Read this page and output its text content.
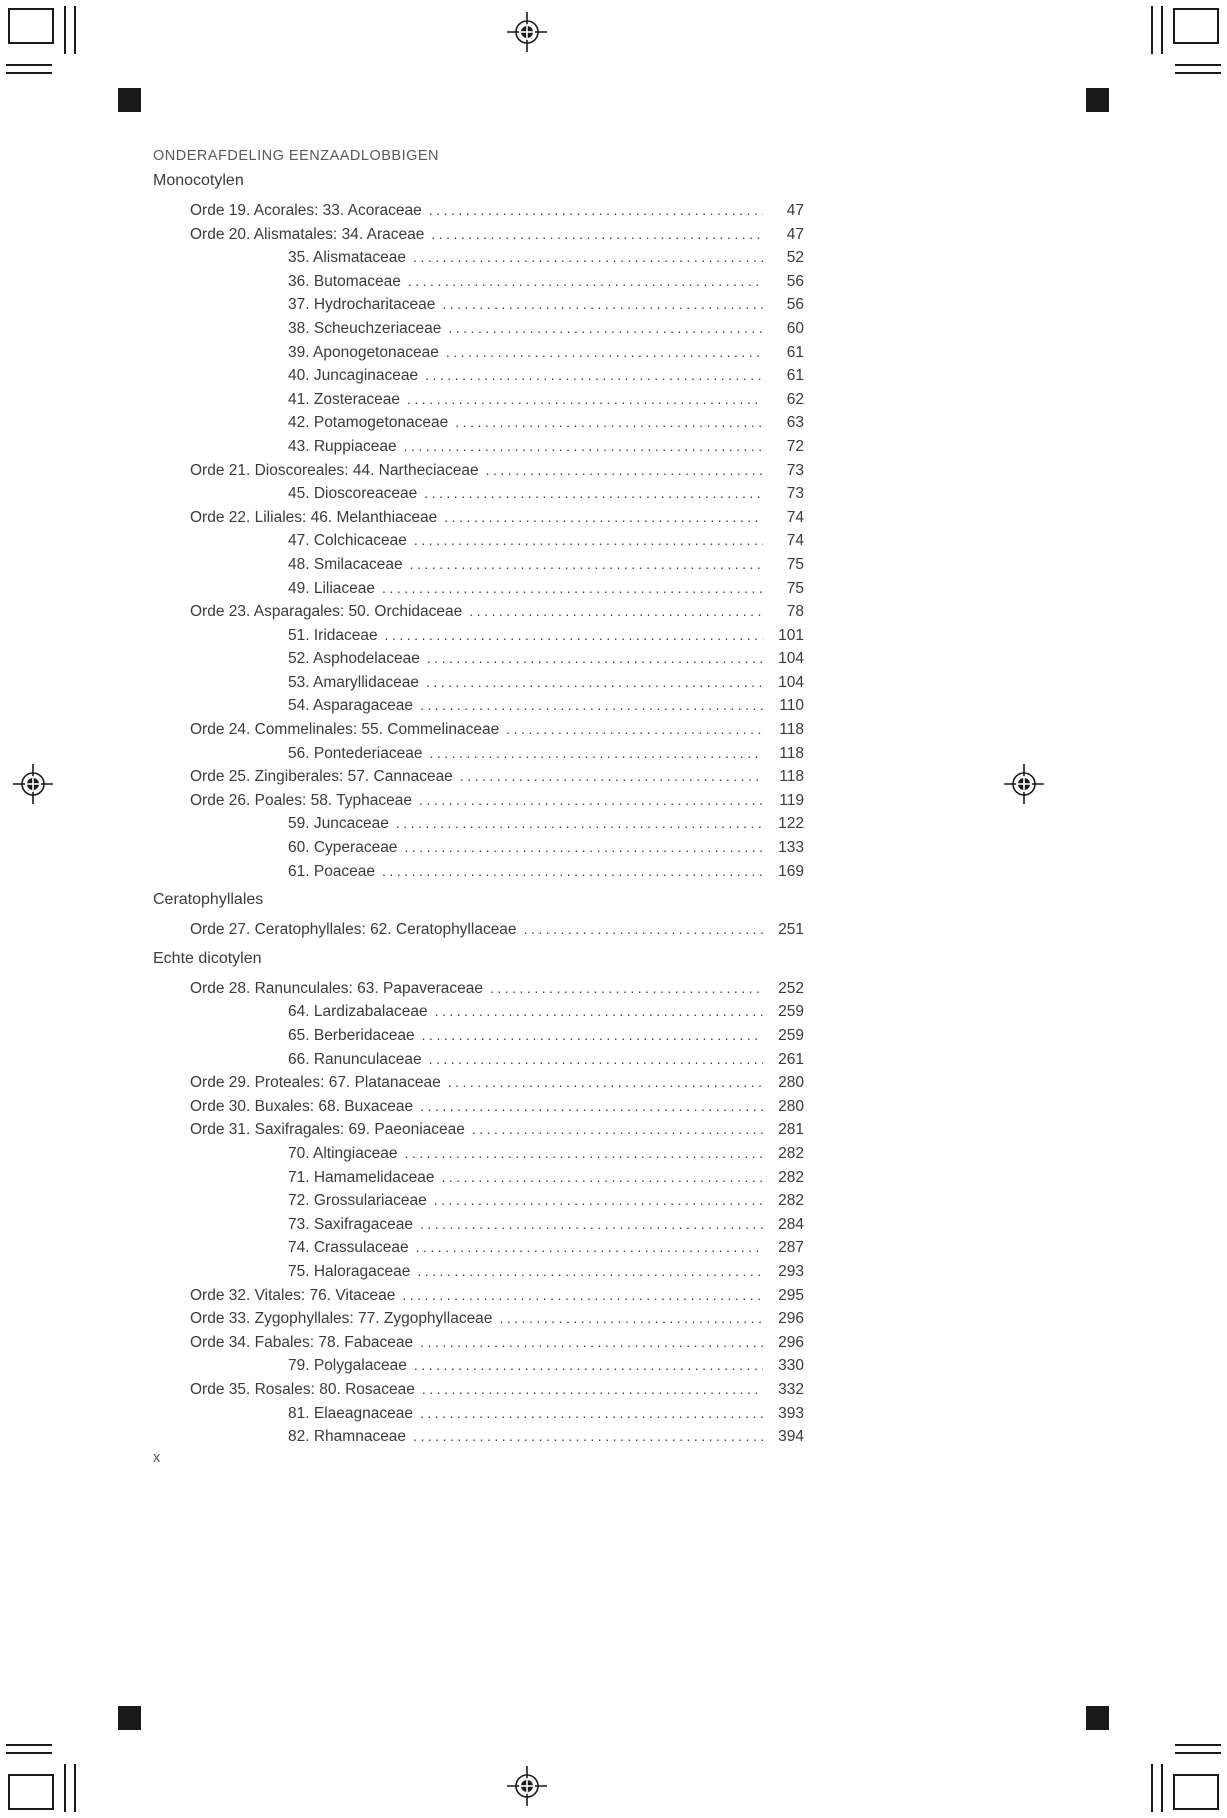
ONDERAFDELING EENZAADLOBBIGEN
Monocotylen
Orde 19. Acorales: 33. Acoraceae .....	47
Orde 20. Alismatales: 34. Araceae .....	47
35. Alismataceae .....	52
36. Butomaceae .....	56
37. Hydrocharitaceae .....	56
38. Scheuchzeriaceae .....	60
39. Aponogetonaceae .....	61
40. Juncaginaceae .....	61
41. Zosteraceae .....	62
42. Potamogetonaceae .....	63
43. Ruppiaceae .....	72
Orde 21. Dioscoreales: 44. Nartheciaceae .....	73
45. Dioscoreaceae .....	73
Orde 22. Liliales: 46. Melanthiaceae .....	74
47. Colchicaceae .....	74
48. Smilacaceae .....	75
49. Liliaceae .....	75
Orde 23. Asparagales: 50. Orchidaceae .....	78
51. Iridaceae .....	101
52. Asphodelaceae .....	104
53. Amaryllidaceae .....	104
54. Asparagaceae .....	110
Orde 24. Commelinales: 55. Commelinaceae .....	118
56. Pontederiaceae .....	118
Orde 25. Zingiberales: 57. Cannaceae .....	118
Orde 26. Poales: 58. Typhaceae .....	119
59. Juncaceae .....	122
60. Cyperaceae .....	133
61. Poaceae .....	169
Ceratophyllales
Orde 27. Ceratophyllales: 62. Ceratophyllaceae .....	251
Echte dicotylen
Orde 28. Ranunculales: 63. Papaveraceae .....	252
64. Lardizabalaceae .....	259
65. Berberidaceae .....	259
66. Ranunculaceae .....	261
Orde 29. Proteales: 67. Platanaceae .....	280
Orde 30. Buxales: 68. Buxaceae .....	280
Orde 31. Saxifragales: 69. Paeoniaceae .....	281
70. Altingiaceae .....	282
71. Hamamelidaceae .....	282
72. Grossulariaceae .....	282
73. Saxifragaceae .....	284
74. Crassulaceae .....	287
75. Haloragaceae .....	293
Orde 32. Vitales: 76. Vitaceae .....	295
Orde 33. Zygophyllales: 77. Zygophyllaceae .....	296
Orde 34. Fabales: 78. Fabaceae .....	296
79. Polygalaceae .....	330
Orde 35. Rosales: 80. Rosaceae .....	332
81. Elaeagnaceae .....	393
82. Rhamnaceae .....	394
x
